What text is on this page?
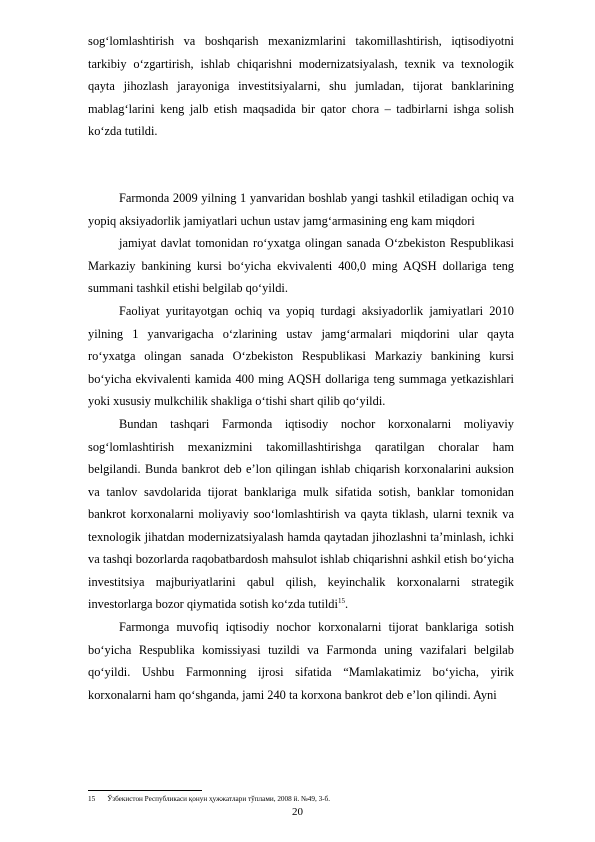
sog‘lomlashtirish va boshqarish mexanizmlarini takomillashtirish, iqtisodiyotni tarkibiy o‘zgartirish, ishlab chiqarishni modernizatsiyalash, texnik va texnologik qayta jihozlash jarayoniga investitsiyalarni, shu jumladan, tijorat banklarining mablag‘larini keng jalb etish maqsadida bir qator chora – tadbirlarni ishga solish ko‘zda tutildi.

Farmonda 2009 yilning 1 yanvaridan boshlab yangi tashkil etiladigan ochiq va yopiq aksiyadorlik jamiyatlari uchun ustav jamg‘armasining eng kam miqdori

jamiyat davlat tomonidan ro‘yxatga olingan sanada O‘zbekiston Respublikasi Markaziy bankining kursi bo‘yicha ekvivalenti 400,0 ming AQSH dollariga teng summani tashkil etishi belgilab qo‘yildi.

Faoliyat yuritayotgan ochiq va yopiq turdagi aksiyadorlik jamiyatlari 2010 yilning 1 yanvarigacha o‘zlarining ustav jamg‘armalari miqdorini ular qayta ro‘yxatga olingan sanada O‘zbekiston Respublikasi Markaziy bankining kursi bo‘yicha ekvivalenti kamida 400 ming AQSH dollariga teng summaga yetkazishlari yoki xususiy mulkchilik shakliga o‘tishi shart qilib qo‘yildi.

Bundan tashqari Farmonda iqtisodiy nochor korxonalarni moliyaviy sog‘lomlashtirish mexanizmini takomillashtirishga qaratilgan choralar ham belgilandi. Bunda bankrot deb e’lon qilingan ishlab chiqarish korxonalarini auksion va tanlov savdolarida tijorat banklariga mulk sifatida sotish, banklar tomonidan bankrot korxonalarni moliyaviy soo‘lomlashtirish va qayta tiklash, ularni texnik va texnologik jihatdan modernizatsiyalash hamda qaytadan jihozlashni ta’minlash, ichki va tashqi bozorlarda raqobatbardosh mahsulot ishlab chiqarishni ashkil etish bo‘yicha investitsiya majburiyatlarini qabul qilish, keyinchalik korxonalarni strategik investorlarga bozor qiymatida sotish ko‘zda tutildi$^{15}$.

Farmonga muvofiq iqtisodiy nochor korxonalarni tijorat banklariga sotish bo‘yicha Respublika komissiyasi tuzildi va Farmonda uning vazifalari belgilab qo‘yildi. Ushbu Farmonning ijrosi sifatida “Mamlakatimiz bo‘yicha, yirik korxonalarni ham qo‘shganda, jami 240 ta korxona bankrot deb e’lon qilindi. Ayni

15 Ўзбекистон Республикаси қонун ҳужжатлари тўплами, 2008 й. №49, 3-б.
20
